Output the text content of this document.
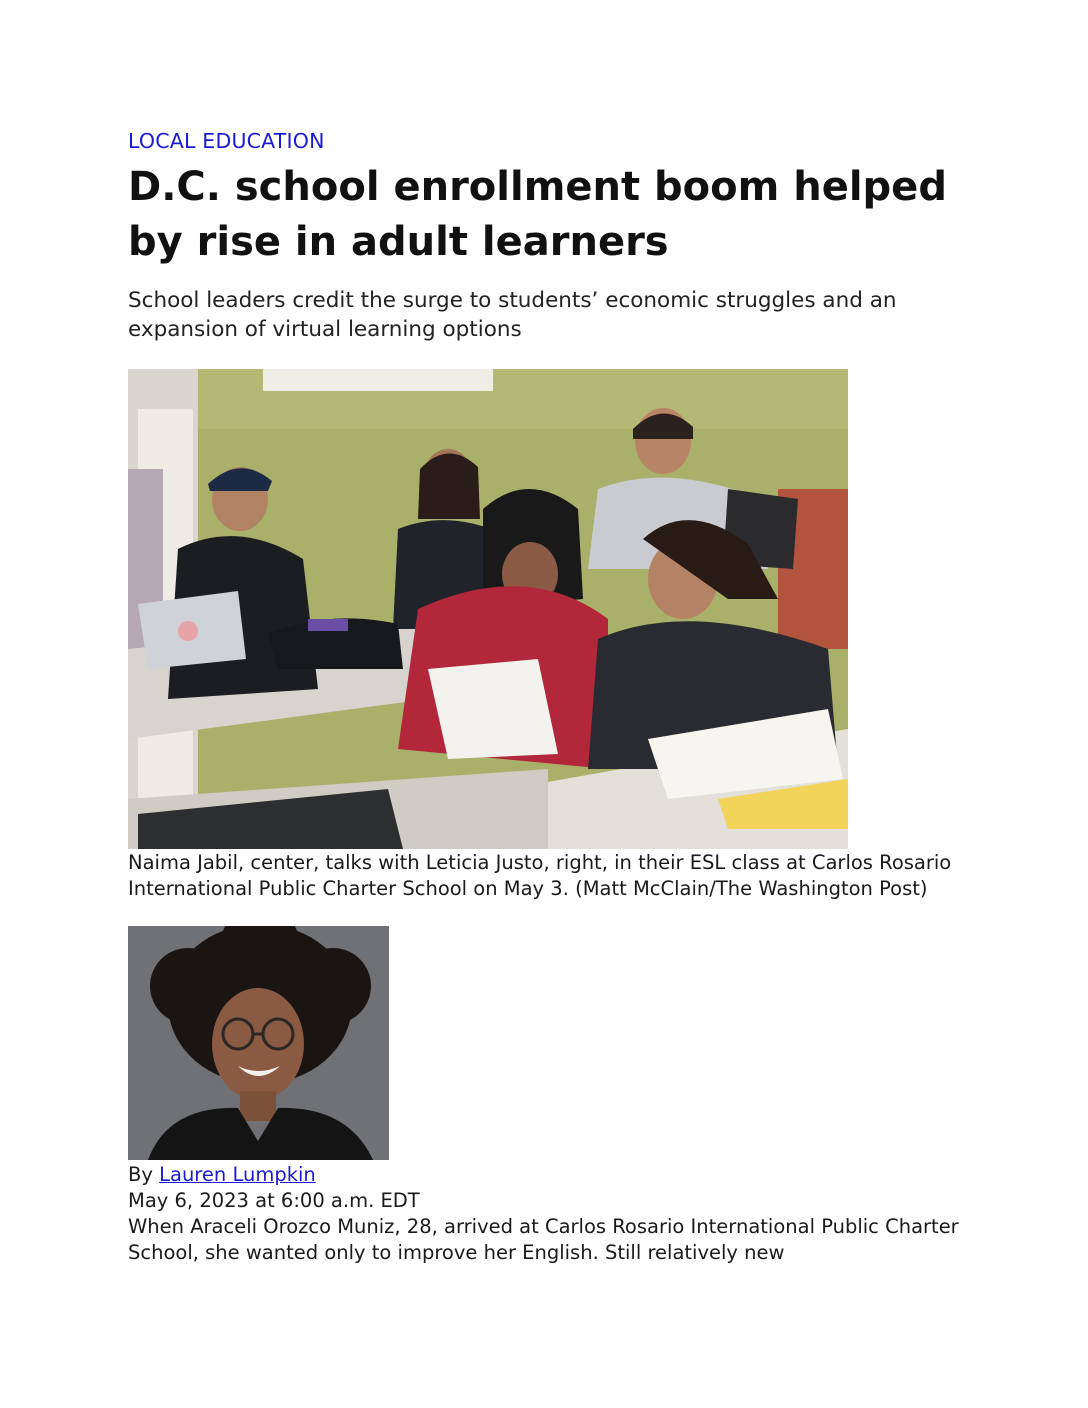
LOCAL EDUCATION
D.C. school enrollment boom helped by rise in adult learners

School leaders credit the surge to students’ economic struggles and an expansion of virtual learning options

Naima Jabil, center, talks with Leticia Justo, right, in their ESL class at Carlos Rosario International Public Charter School on May 3. (Matt McClain/The Washington Post)
By Lauren Lumpkin
May 6, 2023 at 6:00 a.m. EDT

When Araceli Orozco Muniz, 28, arrived at Carlos Rosario International Public Charter School, she wanted only to improve her English. Still relatively new
